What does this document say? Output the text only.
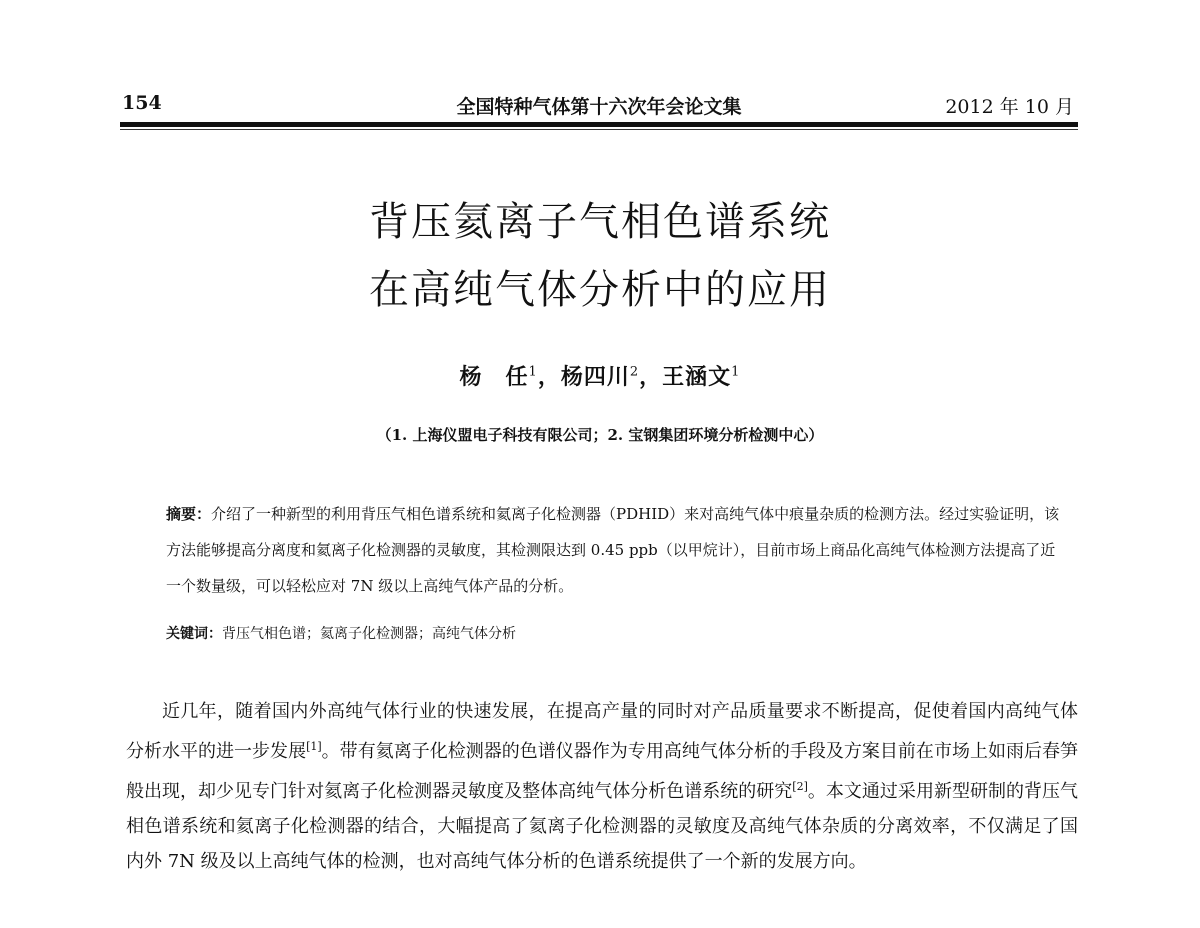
154	全国特种气体第十六次年会论文集	2012 年 10 月
背压氦离子气相色谱系统
在高纯气体分析中的应用
杨　任$^1$，杨四川$^2$，王涵文$^1$
（1. 上海仪盟电子科技有限公司；2. 宝钢集团环境分析检测中心）
摘要：介绍了一种新型的利用背压气相色谱系统和氦离子化检测器（PDHID）来对高纯气体中痕量杂质的检测方法。经过实验证明，该方法能够提高分离度和氦离子化检测器的灵敏度，其检测限达到 0.45 ppb（以甲烷计），目前市场上商品化高纯气体检测方法提高了近一个数量级，可以轻松应对 7N 级以上高纯气体产品的分析。
关键词：背压气相色谱；氦离子化检测器；高纯气体分析

近几年，随着国内外高纯气体行业的快速发展，在提高产量的同时对产品质量要求不断提高，促使着国内高纯气体分析水平的进一步发展[1]。带有氦离子化检测器的色谱仪器作为专用高纯气体分析的手段及方案目前在市场上如雨后春笋般出现，却少见专门针对氦离子化检测器灵敏度及整体高纯气体分析色谱系统的研究[2]。本文通过采用新型研制的背压气相色谱系统和氦离子化检测器的结合，大幅提高了氦离子化检测器的灵敏度及高纯气体杂质的分离效率，不仅满足了国内外 7N 级及以上高纯气体的检测，也对高纯气体分析的色谱系统提供了一个新的发展方向。
